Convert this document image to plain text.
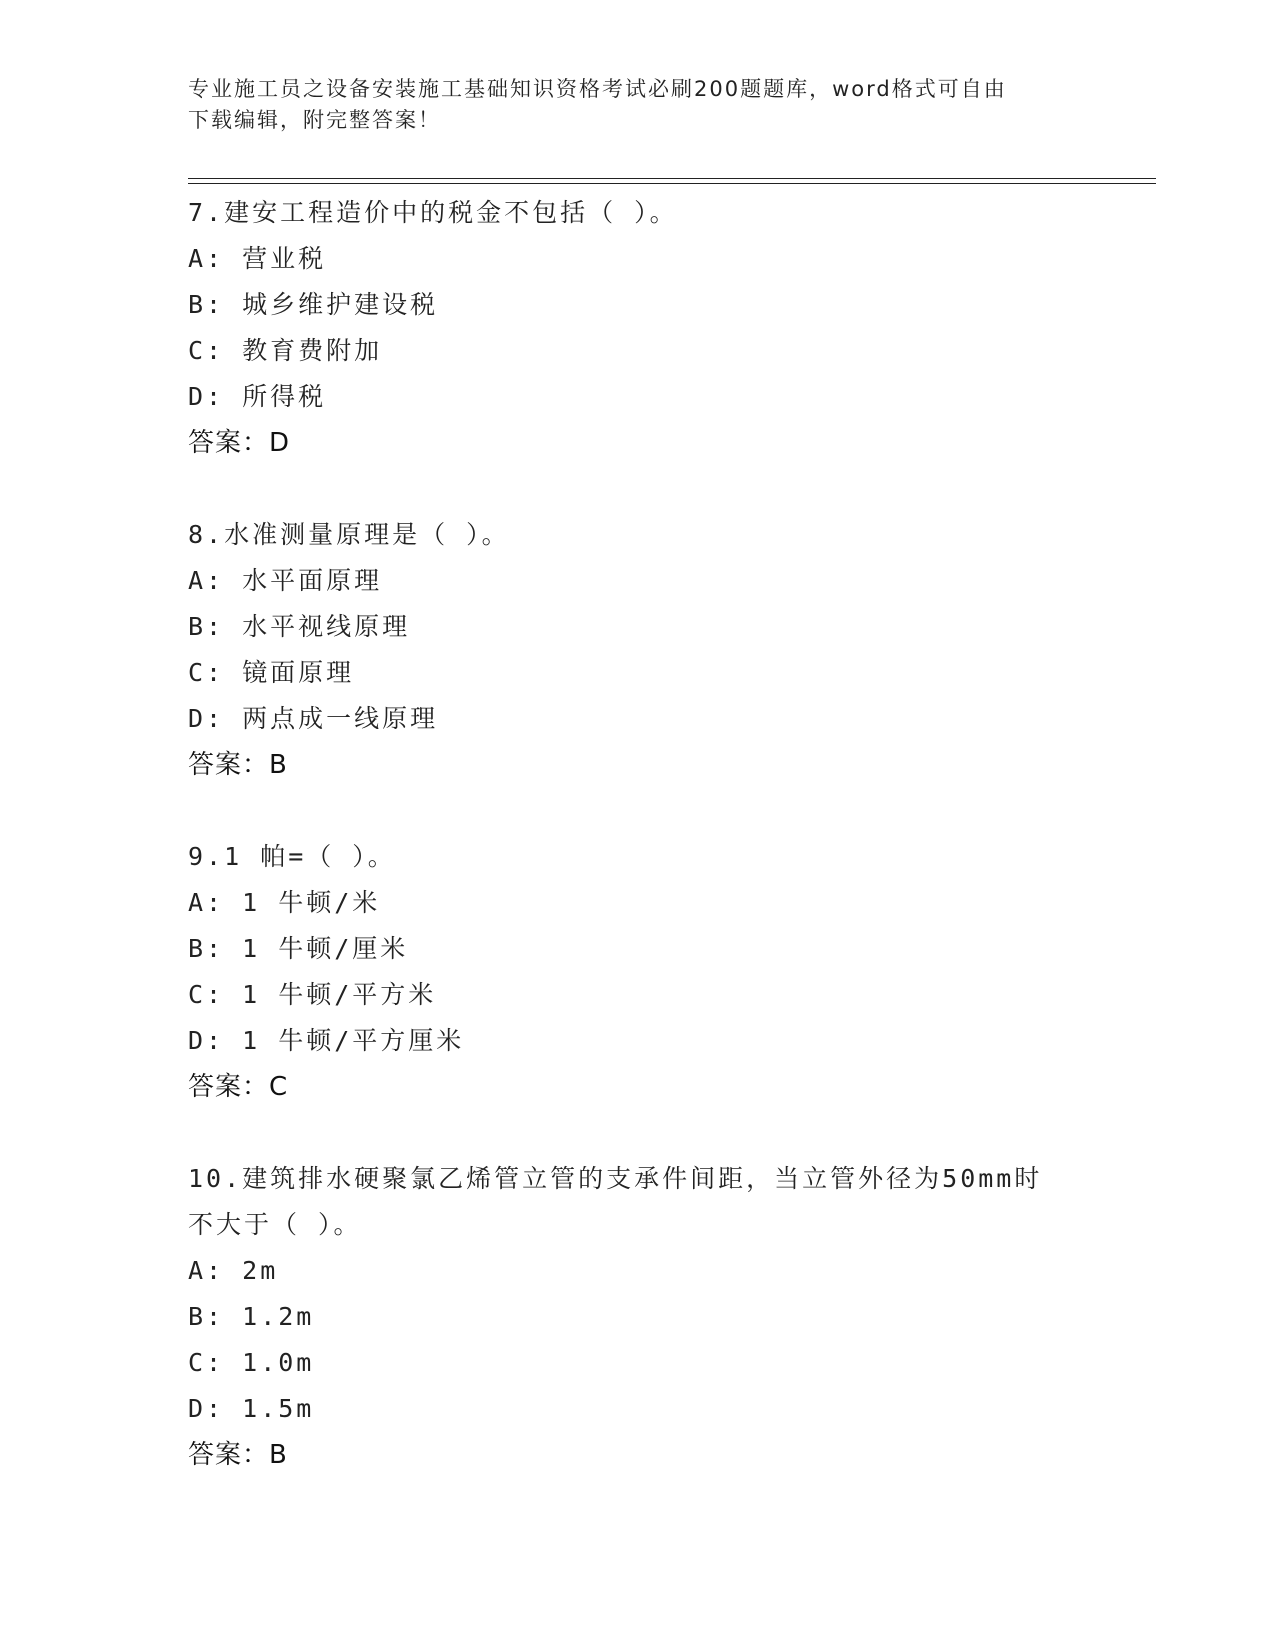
专业施工员之设备安装施工基础知识资格考试必刷200题题库，word格式可自由
下载编辑，附完整答案！
7.建安工程造价中的税金不包括（ ）。
A: 营业税
B: 城乡维护建设税
C: 教育费附加
D: 所得税
答案：D
8.水准测量原理是（ ）。
A: 水平面原理
B: 水平视线原理
C: 镜面原理
D: 两点成一线原理
答案：B
9.1 帕=（ ）。
A: 1 牛顿/米
B: 1 牛顿/厘米
C: 1 牛顿/平方米
D: 1 牛顿/平方厘米
答案：C
10.建筑排水硬聚氯乙烯管立管的支承件间距，当立管外径为50mm时
不大于（ ）。
A: 2m
B: 1.2m
C: 1.0m
D: 1.5m
答案：B
